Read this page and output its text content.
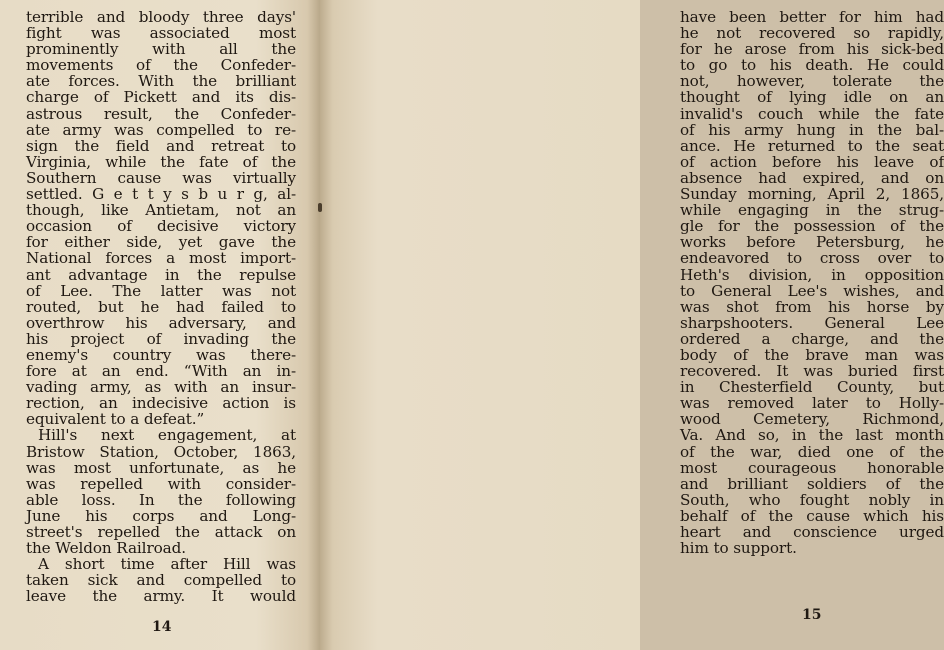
terrible and bloody three days'
fight was associated most
prominently with all the
movements of the Confeder-
ate forces. With the brilliant
charge of Pickett and its dis-
astrous result, the Confeder-
ate army was compelled to re-
sign the field and retreat to
Virginia, while the fate of the
Southern cause was virtually
settled. G e t t y s b u r g, al-
though, like Antietam, not an
occasion of decisive victory
for either side, yet gave the
National forces a most import-
ant advantage in the repulse
of Lee. The latter was not
routed, but he had failed to
overthrow his adversary, and
his project of invading the
enemy's country was there-
fore at an end. “With an in-
vading army, as with an insur-
rection, an indecisive action is
equivalent to a defeat.”
Hill's next engagement, at
Bristow Station, October, 1863,
was most unfortunate, as he
was repelled with consider-
able loss. In the following
June his corps and Long-
street's repelled the attack on
the Weldon Railroad.
A short time after Hill was
taken sick and compelled to
leave the army. It would
14
have been better for him had
he not recovered so rapidly,
for he arose from his sick-bed
to go to his death. He could
not, however, tolerate the
thought of lying idle on an
invalid's couch while the fate
of his army hung in the bal-
ance. He returned to the seat
of action before his leave of
absence had expired, and on
Sunday morning, April 2, 1865,
while engaging in the strug-
gle for the possession of the
works before Petersburg, he
endeavored to cross over to
Heth's division, in opposition
to General Lee's wishes, and
was shot from his horse by
sharpshooters. General Lee
ordered a charge, and the
body of the brave man was
recovered. It was buried first
in Chesterfield County, but
was removed later to Holly-
wood Cemetery, Richmond,
Va. And so, in the last month
of the war, died one of the
most courageous honorable
and brilliant soldiers of the
South, who fought nobly in
behalf of the cause which his
heart and conscience urged
him to support.
15
